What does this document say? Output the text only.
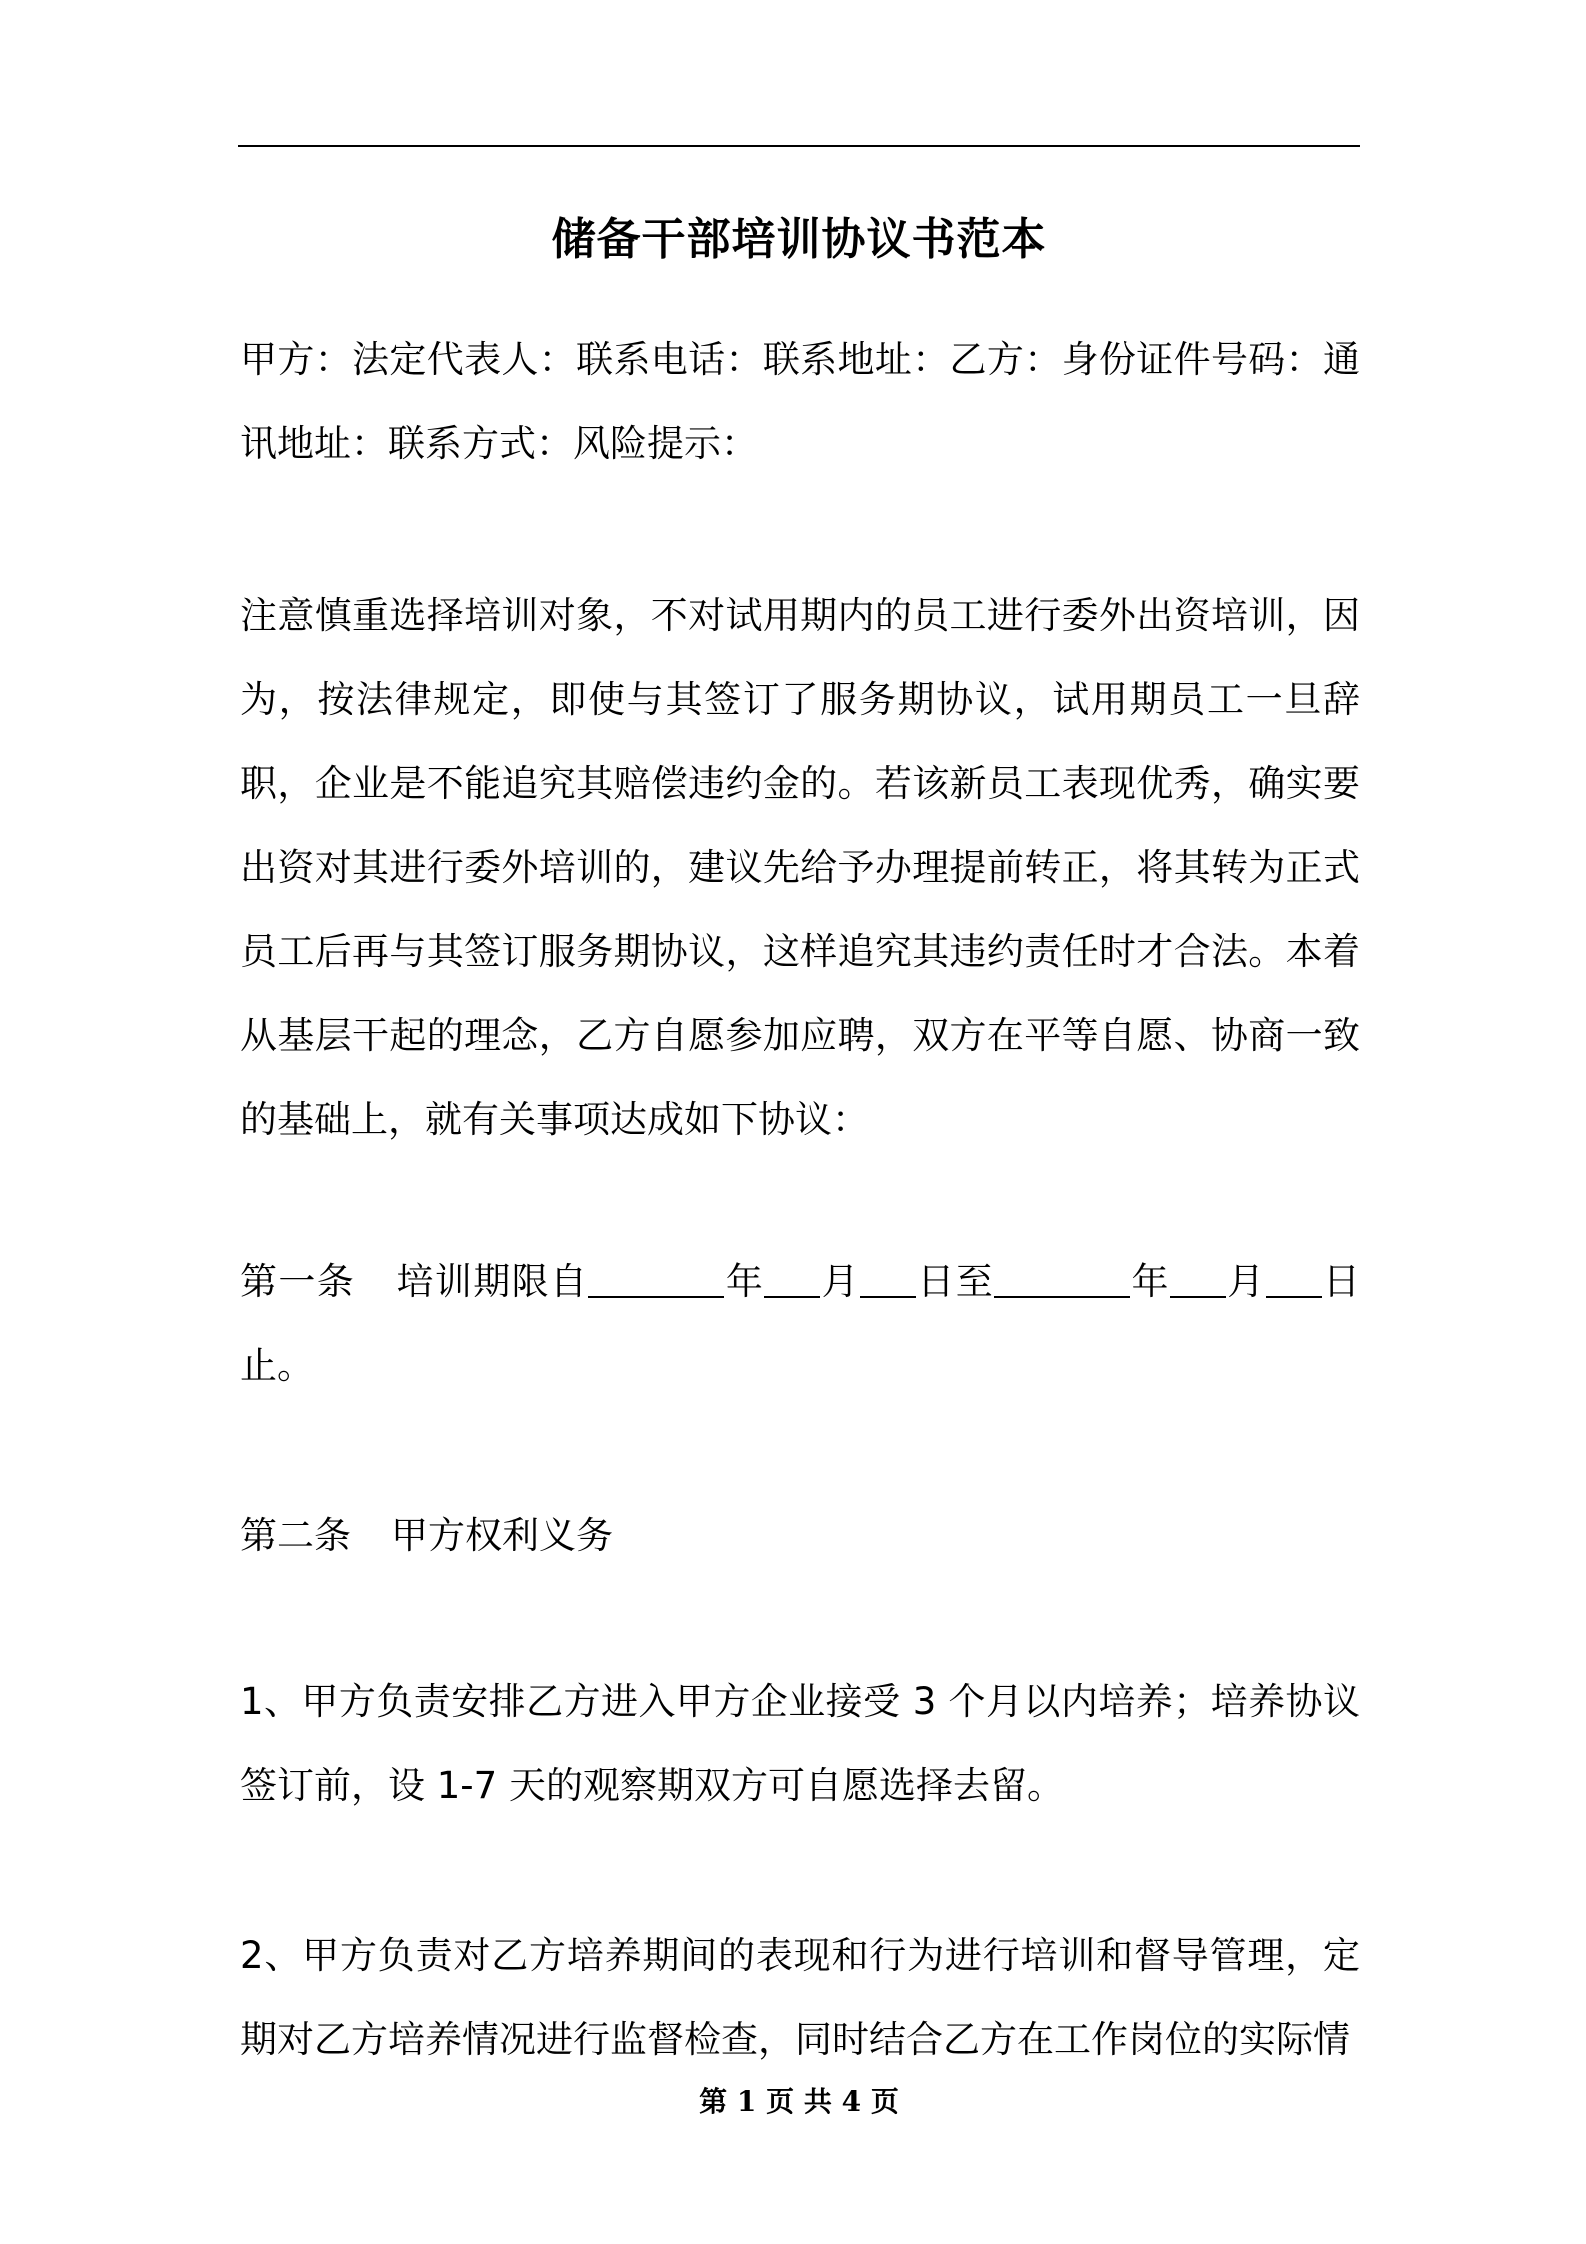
储备干部培训协议书范本

甲方：法定代表人：联系电话：联系地址：乙方：身份证件号码：通讯地址：联系方式：风险提示：

注意慎重选择培训对象，不对试用期内的员工进行委外出资培训，因为，按法律规定，即使与其签订了服务期协议，试用期员工一旦辞职，企业是不能追究其赔偿违约金的。若该新员工表现优秀，确实要出资对其进行委外培训的，建议先给予办理提前转正，将其转为正式员工后再与其签订服务期协议，这样追究其违约责任时才合法。本着从基层干起的理念，乙方自愿参加应聘，双方在平等自愿、协商一致的基础上，就有关事项达成如下协议：

第一条 培训期限自	年 月 日至	年 月 日止。

第二条 甲方权利义务

1、甲方负责安排乙方进入甲方企业接受 3 个月以内培养；培养协议签订前，设 1-7 天的观察期双方可自愿选择去留。

2、甲方负责对乙方培养期间的表现和行为进行培训和督导管理，定期对乙方培养情况进行监督检查，同时结合乙方在工作岗位的实际情

第 1 页 共 4 页
